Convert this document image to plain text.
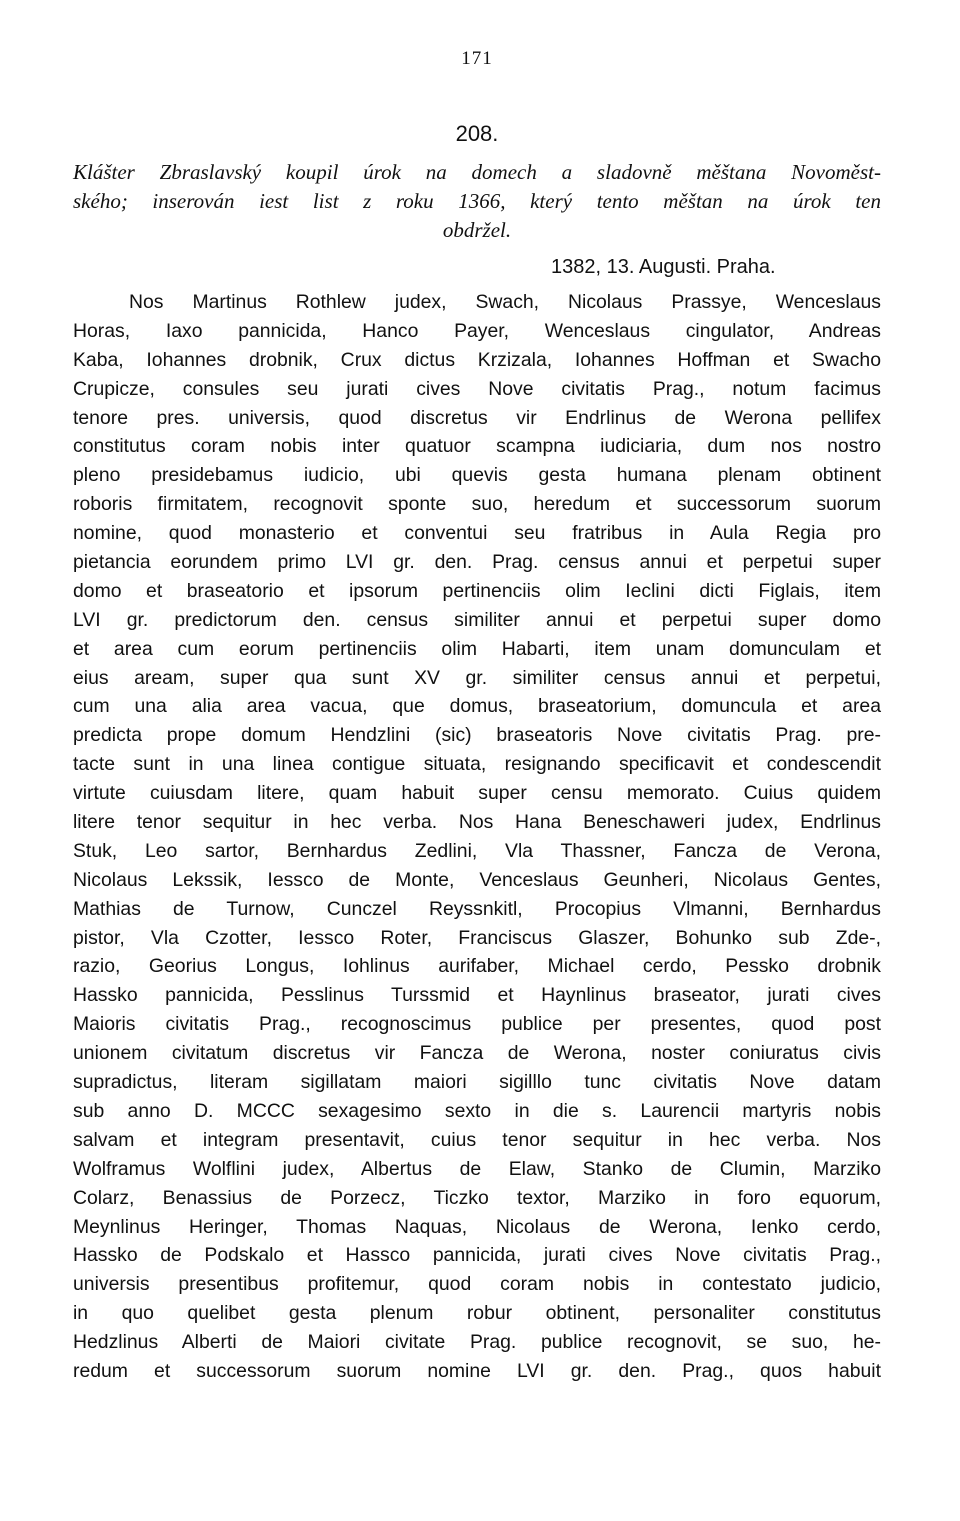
171
208.
Klášter Zbraslavský koupil úrok na domech a sladovně měštana Novoměst-
ského; inserován iest list z roku 1366, který tento měštan na úrok ten
obdržel.
1382, 13. Augusti. Praha.
Nos Martinus Rothlew judex, Swach, Nicolaus Prassye, Wenceslaus
Horas, Iaxo pannicida, Hanco Payer, Wenceslaus cingulator, Andreas
Kaba, Iohannes drobnik, Crux dictus Krzizala, Iohannes Hoffman et Swacho
Crupicze, consules seu jurati cives Nove civitatis Prag., notum facimus
tenore pres. universis, quod discretus vir Endrlinus de Werona pellifex
constitutus coram nobis inter quatuor scampna iudiciaria, dum nos nostro
pleno presidebamus iudicio, ubi quevis gesta humana plenam obtinent
roboris firmitatem, recognovit sponte suo, heredum et successorum suorum
nomine, quod monasterio et conventui seu fratribus in Aula Regia pro
pietancia eorundem primo LVI gr. den. Prag. census annui et perpetui super
domo et braseatorio et ipsorum pertinenciis olim Ieclini dicti Figlais, item
LVI gr. predictorum den. census similiter annui et perpetui super domo
et area cum eorum pertinenciis olim Habarti, item unam domunculam et
eius aream, super qua sunt XV gr. similiter census annui et perpetui,
cum una alia area vacua, que domus, braseatorium, domuncula et area
predicta prope domum Hendzlini (sic) braseatoris Nove civitatis Prag. pre-
tacte sunt in una linea contigue situata, resignando specificavit et condescendit
virtute cuiusdam litere, quam habuit super censu memorato. Cuius quidem
litere tenor sequitur in hec verba. Nos Hana Beneschawerі judex, Endrlinus
Stuk, Leo sartor, Bernhardus Zedlini, Vla Thassner, Fancza de Verona,
Nicolaus Lekssik, Iessco de Monte, Venceslaus Geunheri, Nicolaus Gentes,
Mathias de Turnow, Cunczel Reyssnkitl, Procopius Vlmanni, Bernhardus
pistor, Vla Czotter, Iessco Roter, Franciscus Glaszer, Bohunko sub Zde-,
razio, Georius Longus, Iohlinus aurifaber, Michael cerdo, Pessko drobnik
Hassko pannicida, Pesslinus Turssmid et Haynlinus braseator, jurati cives
Maioris civitatis Prag., recognoscimus publice per presentes, quod post
unionem civitatum discretus vir Fancza de Werona, noster coniuratus civis
supradictus, literam sigillatam maiori sigilllo tunc civitatis Nove datam
sub anno D. MCCC sexagesimo sexto in die s. Laurencii martyris nobis
salvam et integram presentavit, cuius tenor sequitur in hec verba. Nos
Wolframus Wolflini judex, Albertus de Elaw, Stanko de Clumin, Marziko
Colarz, Benassius de Porzecz, Ticzko textor, Marziko in foro equorum,
Meynlinus Heringer, Thomas Naquas, Nicolaus de Werona, Ienko cerdo,
Hassko de Podskalo et Hassco pannicida, jurati cives Nove civitatis Prag.,
universis presentibus profitemur, quod coram nobis in contestato judicio,
in quo quelibet gesta plenum robur obtinent, personaliter constitutus
Hedzlinus Alberti de Maiori civitate Prag. publice recognovit, se suo, he-
redum et successorum suorum nomine LVI gr. den. Prag., quos habuit
